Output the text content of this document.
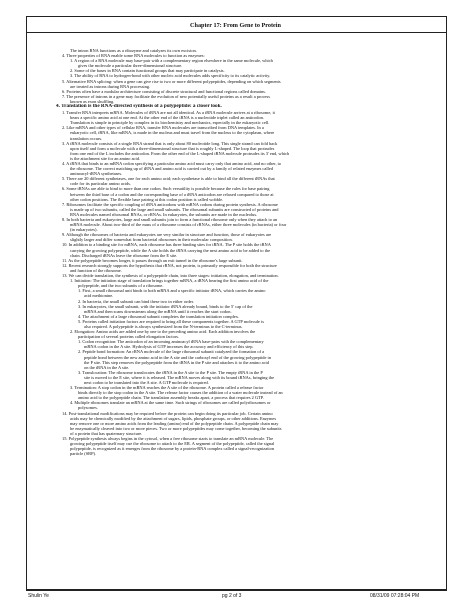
Chapter 17: From Gene to Protein
The intron RNA functions as a ribozyme and catalyzes its own excision.
4. Three properties of RNA enable some RNA molecules to function as enzymes:
1. A region of a RNA molecule may base-pair with a complementary region elsewhere in the same molecule, which
gives the molecule a particular three-dimensional structure.
2. Some of the bases in RNA contain functional groups that may participate in catalysis.
3. The ability of RNA to hydrogen-bond with other nucleic acid molecules adds specificity to its catalytic activity.
5. Alternative RNA splicing: when a gene can give rise to two or more different polypeptides, depending on which segments
are treated as introns during RNA processing.
6. Proteins often have a modular architecture consisting of discrete structural and functional regions called domains.
7. The presence of introns in a gene may facilitate the evolution of new potentially useful proteins as a result a process
known as exon shuffling.
4. Translation is the RNA-directed synthesis of a polypeptide: a closer look.
1. Transfer RNA interprets mRNA. Molecules of tRNA are not all identical. As a tRNA molecule arrives at a ribosome, it
bears a specific amino acid at one end. At the other end of the tRNA is a nucleotide triplet called an anticodon.
Translation is simple in principle by complex in its biochemistry and mechanics, especially in the eukaryotic cell.
2. Like mRNA and other types of cellular RNA, transfer RNA molecules are transcribed from DNA templates. In a
eukaryotic cell, tRNA, like mRNA, is made in the nucleus and must travel from the nucleus to the cytoplasm, where
translation occurs.
3. A tRNA molecule consists of a single RNA strand that is only about 80 nucleotide long. This single strand can fold back
upon itself and form a molecule with a three-dimensional structure that is roughly L-shaped. The loop that protrudes
from one end of the L includes the anticodon. From the other end of the L-shaped tRNA molecule protrudes its 3' end, which
is the attachment site for an amino acid.
4. A tRNA that binds to an mRNA codon specifying a particular amino acid must carry only that amino acid, and no other, to
the ribosome. The correct matching up of tRNA and amino acid is carried out by a family of related enzymes called
aminoacyl-tRNA synthetases.
5. There are 20 different synthetases, one for each amino acid; each synthetase is able to bind all the different tRNAs that
code for its particular amino acids.
6. Some tRNAs are able to bind to more than one codon. Such versatility is possible because the rules for base pairing
between the third base of a codon and the corresponding base of a tRNA anticodon are relaxed compared to those at
other codon positions. The flexible base pairing at this codon position is called wobble.
7. Ribosomes facilitate the specific coupling of tRNA anticodons with mRNA codons during protein synthesis. A ribosome
is made up of two subunits, called the large and small subunits. The ribosomal subunits are constructed of proteins and
RNA molecules named ribosomal RNAs, or rRNAs. In eukaryotes, the subunits are made in the nucleolus.
8. In both bacteria and eukaryotes, large and small subunits join to form a functional ribosome only when they attach to an
mRNA molecule. About two-third of the mass of a ribosome consists of rRNAs, either three molecules (in bacteria) or four
(in eukaryotes).
9. Although the ribosomes of bacteria and eukaryotes are very similar in structure and function, those of eukaryotes are
slightly larger and differ somewhat from bacterial ribosomes in their molecular composition.
10. In addition to a binding site for mRNA, each ribosome has three binding sites for tRNA. The P site holds the tRNA
carrying the growing polypeptide, while the A site holds the tRNA carrying the next amino acid to be added to the
chain. Discharged tRNAs leave the ribosome from the E site.
11. As the polypeptide becomes longer, it passes through an exit tunnel in the ribosome's large subunit.
12. Recent research strongly supports the hypothesis that rRNA, not protein, is primarily responsible for both the structure
and function of the ribosome.
13. We can divide translation, the synthesis of a polypeptide chain, into three stages: initiation, elongation, and termination.
1. Initiation: The initiation stage of translation brings together mRNA, a tRNA bearing the first amino acid of the
polypeptide, and the two subunits of a ribosome.
1. First, a small ribosomal unit binds to both mRNA and a specific initiator tRNA, which carries the amino
acid methionine.
2. In bacteria, the small subunit can bind these two in either order.
3. In eukaryotes, the small subunit, with the initiator tRNA already bound, binds to the 5' cap of the
mRNA and then scans downstream along the mRNA until it reaches the start codon.
4. The attachment of a large ribosomal subunit completes the translation initiation complex.
5. Proteins called initiation factors are required to bring all these components together. A GTP molecule is
also required. A polypeptide is always synthesized from the N-terminus to the C-terminus.
2. Elongation: Amino acids are added one by one to the preceding amino acid. Each addition involves the
participation of several proteins called elongation factors.
1. Codon recognition: The anticodon of an incoming aminoacyl tRNA base-pairs with the complementary
mRNA codon in the A site. Hydrolysis of GTP increases the accuracy and efficiency of this step.
2. Peptide bond formation: An rRNA molecule of the large ribosomal subunit catalyzed the formation of a
peptide bond between the new amino acid in the A site and the carboxyl end of the growing polypeptide in
the P site. This step removes the polypeptide from the tRNA in the P site and attaches it to the amino acid
on the tRNA in the A site.
3. Translocation: The ribosome translocates the tRNA in the A site to the P site. The empty tRNA in the P
site is moved to the E site, where it is released. The mRNA moves along with its bound tRNAs, bringing the
next codon to be translated into the A site. A GTP molecule is required.
3. Termination: A stop codon in the mRNA reaches the A site of the ribosome. A protein called a release factor
binds directly to the stop codon in the A site. The release factor causes the addition of a water molecule instead of an
amino acid to the polypeptide chain. The translation assembly breaks apart, a process that requires 2 GTP.
4. Multiple ribosomes translate an mRNA at the same time. Such strings of ribosomes are called polyribosomes or
polysomes.
14. Post-translational modifications may be required before the protein can begin doing its particular job. Certain amino
acids may be chemically modified by the attachment of sugars, lipids, phosphate groups, or other additions. Enzymes
may remove one or more amino acids from the leading (amino) end of the polypeptide chain. A polypeptide chain may
be enzymatically cleaved into two or more pieces. Two or more polypeptides may come together, becoming the subunits
of a protein that has quaternary structure.
15. Polypeptide synthesis always begins in the cytosol, when a free ribosome starts to translate an mRNA molecule. The
growing polypeptide itself may cue the ribosome to attach to the ER. A segment of the polypeptide, called the signal
polypeptide, is recognized as it emerges from the ribosome by a protein-RNA complex called a signal-recognization
particle (SRP).
Shulin Ye	pg 2 of 3	08/31/09 07:28:04 PM
